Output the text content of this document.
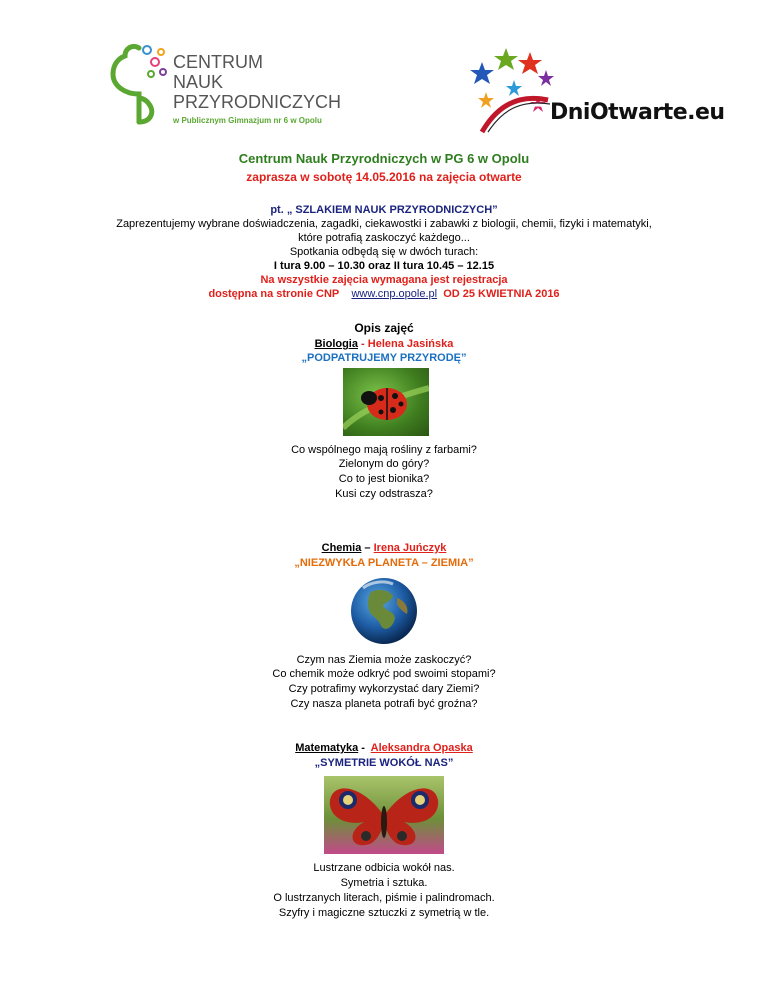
CENTRUM
NAUK
PRZYRODNICZYCH
w Publicznym Gimnazjum nr 6 w Opolu	DniOtwarte.eu
Centrum Nauk Przyrodniczych w PG 6 w Opolu
zaprasza w sobotę 14.05.2016 na zajęcia otwarte
pt. „ SZLAKIEM NAUK PRZYRODNICZYCH”
Zaprezentujemy wybrane doświadczenia, zagadki, ciekawostki i zabawki z biologii, chemii, fizyki i matematyki,
które potrafią zaskoczyć każdego...
Spotkania odbędą się w dwóch turach:
I tura 9.00 – 10.30 oraz II tura 10.45 – 12.15
Na wszystkie zajęcia wymagana jest rejestracja
dostępna na stronie CNP www.cnp.opole.pl OD 25 KWIETNIA 2016
Opis zajęć
Biologia - Helena Jasińska
„PODPATRUJEMY PRZYRODĘ”
Co wspólnego mają rośliny z farbami?
Zielonym do góry?
Co to jest bionika?
Kusi czy odstrasza?
Chemia – Irena Juńczyk
„NIEZWYKŁA PLANETA – ZIEMIA”
Czym nas Ziemia może zaskoczyć?
Co chemik może odkryć pod swoimi stopami?
Czy potrafimy wykorzystać dary Ziemi?
Czy nasza planeta potrafi być groźna?
Matematyka -  Aleksandra Opaska
„SYMETRIE WOKÓŁ NAS”
Lustrzane odbicia wokół nas.
Symetria i sztuka.
O lustrzanych literach, piśmie i palindromach.
Szyfry i magiczne sztuczki z symetrią w tle.
